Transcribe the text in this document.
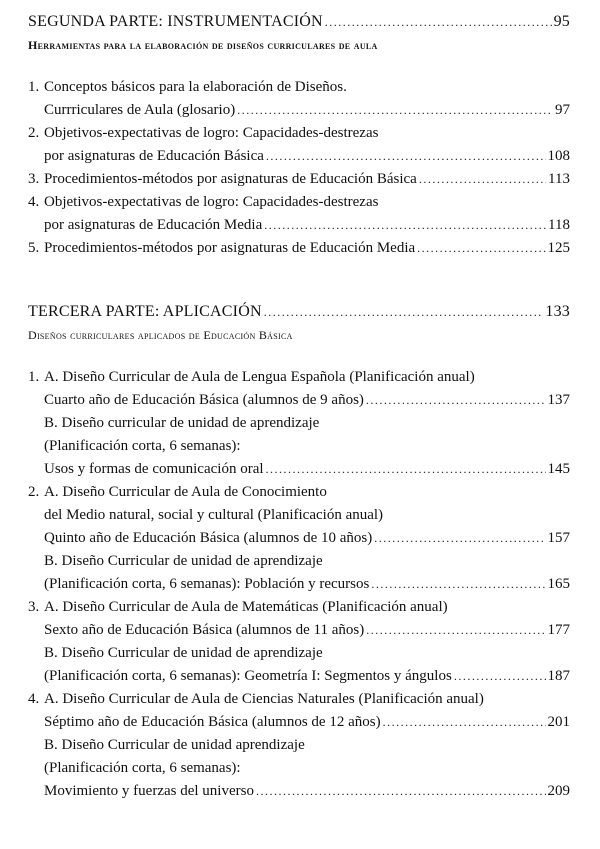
SEGUNDA PARTE: INSTRUMENTACIÓN .....	95
Herramientas para la elaboración de diseños curriculares de aula
1. Conceptos básicos para la elaboración de Diseños.
Currriculares de Aula (glosario) .....	97
2. Objetivos-expectativas de logro: Capacidades-destrezas
por asignaturas de Educación Básica .....	108
3. Procedimientos-métodos por asignaturas de Educación Básica .....	113
4. Objetivos-expectativas de logro: Capacidades-destrezas
por asignaturas de Educación Media .....	118
5. Procedimientos-métodos por asignaturas de Educación Media .....	125
TERCERA PARTE: APLICACIÓN .....	133
Diseños curriculares aplicados de Educación Básica
1. A. Diseño Curricular de Aula de Lengua Española (Planificación anual)
Cuarto año de Educación Básica (alumnos de 9 años) .....	137
B. Diseño curricular de unidad de aprendizaje
(Planificación corta, 6 semanas):
Usos y formas de comunicación oral .....	145
2. A. Diseño Curricular de Aula de Conocimiento
del Medio natural, social y cultural (Planificación anual)
Quinto año de Educación Básica (alumnos de 10 años) .....	157
B. Diseño Curricular de unidad de aprendizaje
(Planificación corta, 6 semanas): Población y recursos .....	165
3. A. Diseño Curricular de Aula de Matemáticas (Planificación anual)
Sexto año de Educación Básica (alumnos de 11 años) .....	177
B. Diseño Curricular de unidad de aprendizaje
(Planificación corta, 6 semanas): Geometría I: Segmentos y ángulos .....	187
4. A. Diseño Curricular de Aula de Ciencias Naturales (Planificación anual)
Séptimo año de Educación Básica (alumnos de 12 años) .....	201
B. Diseño Curricular de unidad aprendizaje
(Planificación corta, 6 semanas):
Movimiento y fuerzas del universo .....	209
